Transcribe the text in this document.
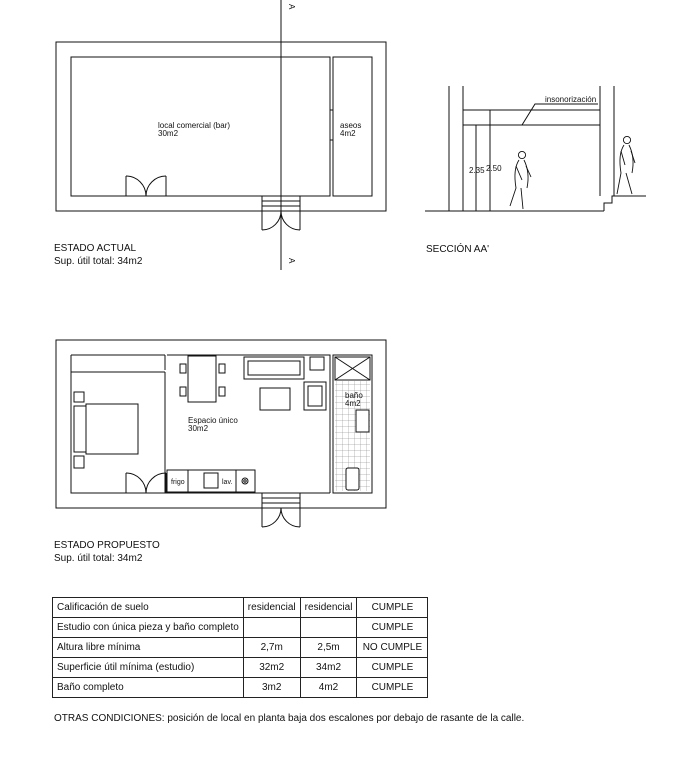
A
A
local comercial (bar)
30m2
aseos
4m2
2.35 2.50
insonorización
frigo	lav.
Espacio único
30m2
baño
4m2
ESTADO ACTUAL
Sup. útil total: 34m2
SECCIÓN AA'
ESTADO PROPUESTO
Sup. útil total: 34m2
Calificación de suelo	residencial	residencial	CUMPLE
Estudio con única pieza y baño completo			CUMPLE
Altura libre mínima	2,7m	2,5m	NO CUMPLE
Superficie útil mínima (estudio)	32m2	34m2	CUMPLE
Baño completo	3m2	4m2	CUMPLE
OTRAS CONDICIONES: posición de local en planta baja dos escalones por debajo de rasante de la calle.
